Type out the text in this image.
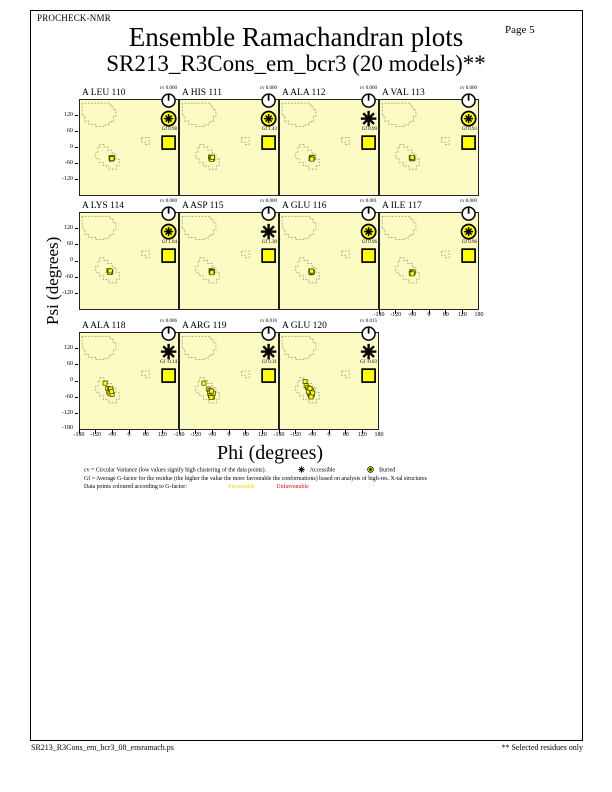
PROCHECK-NMR
Page 5
Ensemble Ramachandran plots
SR213_R3Cons_em_bcr3 (20 models)**
A LEU 110	cv 0.000
Gf 0.98
A HIS 111	cv 0.000
Gf 1.43
A ALA 112	cv 0.000
Gf 0.99
A VAL 113	cv 0.000
Gf 0.93
A LYS 114	cv 0.000
Gf 1.04
A ASP 115	cv 0.000
Gf 1.30
A GLU 116	cv 0.001
Gf 0.96
A ILE 117	cv 0.000
Gf 0.96
A ALA 118	cv 0.006
Gf -0.14
A ARG 119	cv 0.016
Gf 0.31
A GLU 120	cv 0.015
Gf -0.03
120
60
0
-60
-120
120
60
0
-60
-120
120
60
0
-60
-120
-180
-180 -120	-60	0	60	120	-180 -120	-60	0	60	120	-180 -120	-60	0	60	120	180
-180 -120	-60	0	60	120	180
Psi (degrees)
Phi (degrees)
cv = Circular Variance (low values signify high clustering of the data points).	Accessible	Buried
Gf = Average G-factor for the residue (the higher the value the more favourable the conformations) based on analysis of high-res. X-tal structures
Data points coloured according to G-factor:	Favourable	Unfavourable
SR213_R3Cons_em_bcr3_08_ensramach.ps	** Selected residues only
